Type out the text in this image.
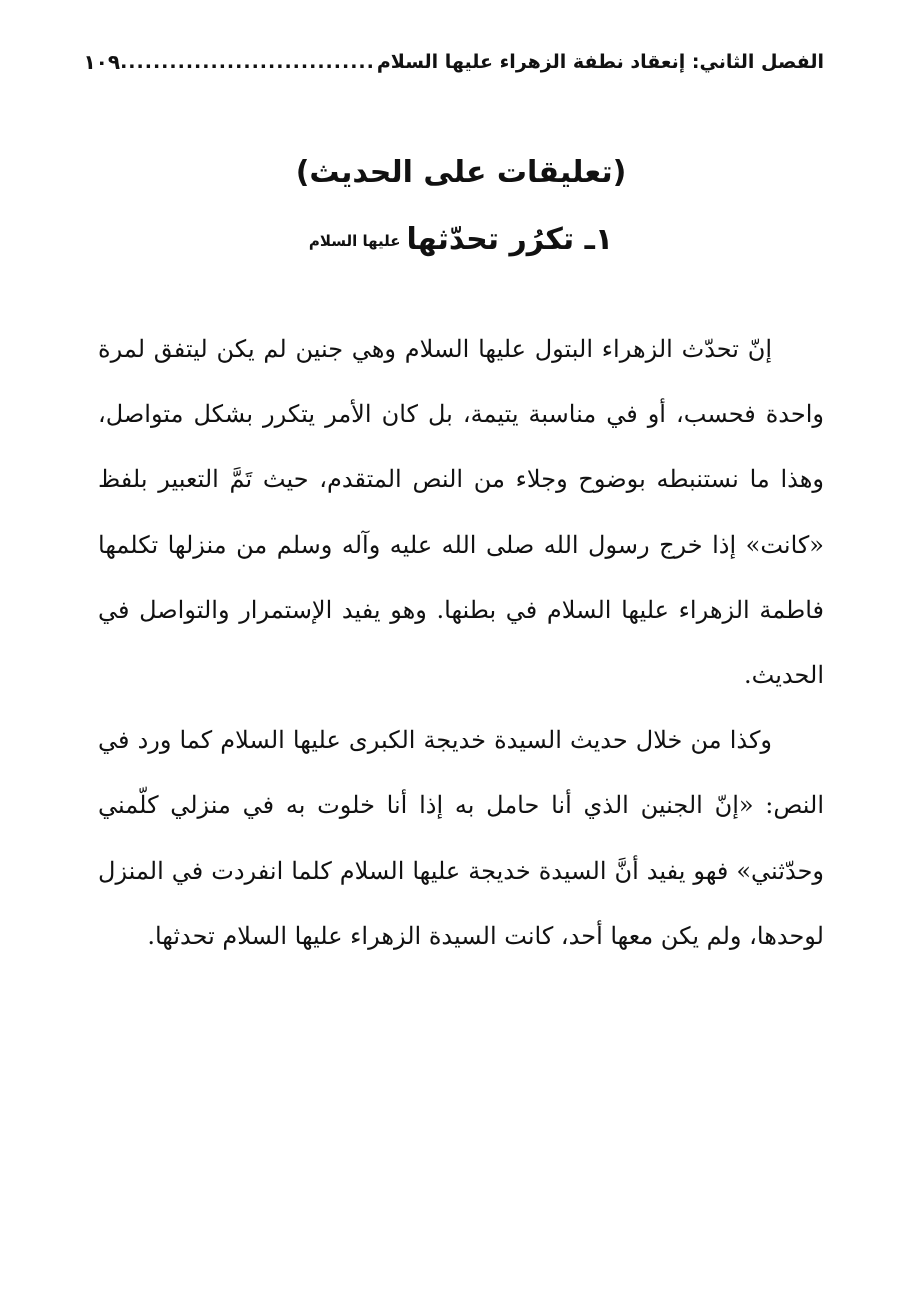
الفصل الثاني: إنعقاد نطفة الزهراء عليها السلام
...............................
١٠٩
(تعليقات على الحديث)
١ـ تكرُر تحدّثهاعليها السلام

إنّ تحدّث الزهراء البتول عليها السلام وهي جنين لم يكن ليتفق لمرة واحدة فحسب، أو في مناسبة يتيمة، بل كان الأمر يتكرر بشكل متواصل، وهذا ما نستنبطه بوضوح وجلاء من النص المتقدم، حيث تَمَّ التعبير بلفظ «كانت» إذا خرج رسول الله صلى الله عليه وآله وسلم من منزلها تكلمها فاطمة الزهراء عليها السلام في بطنها. وهو يفيد الإستمرار والتواصل في الحديث.

وكذا من خلال حديث السيدة خديجة الكبرى عليها السلام كما ورد في النص: «إنّ الجنين الذي أنا حامل به إذا أنا خلوت به في منزلي كلّمني وحدّثني» فهو يفيد أنَّ السيدة خديجة عليها السلام كلما انفردت في المنزل لوحدها، ولم يكن معها أحد، كانت السيدة الزهراء عليها السلام تحدثها.
